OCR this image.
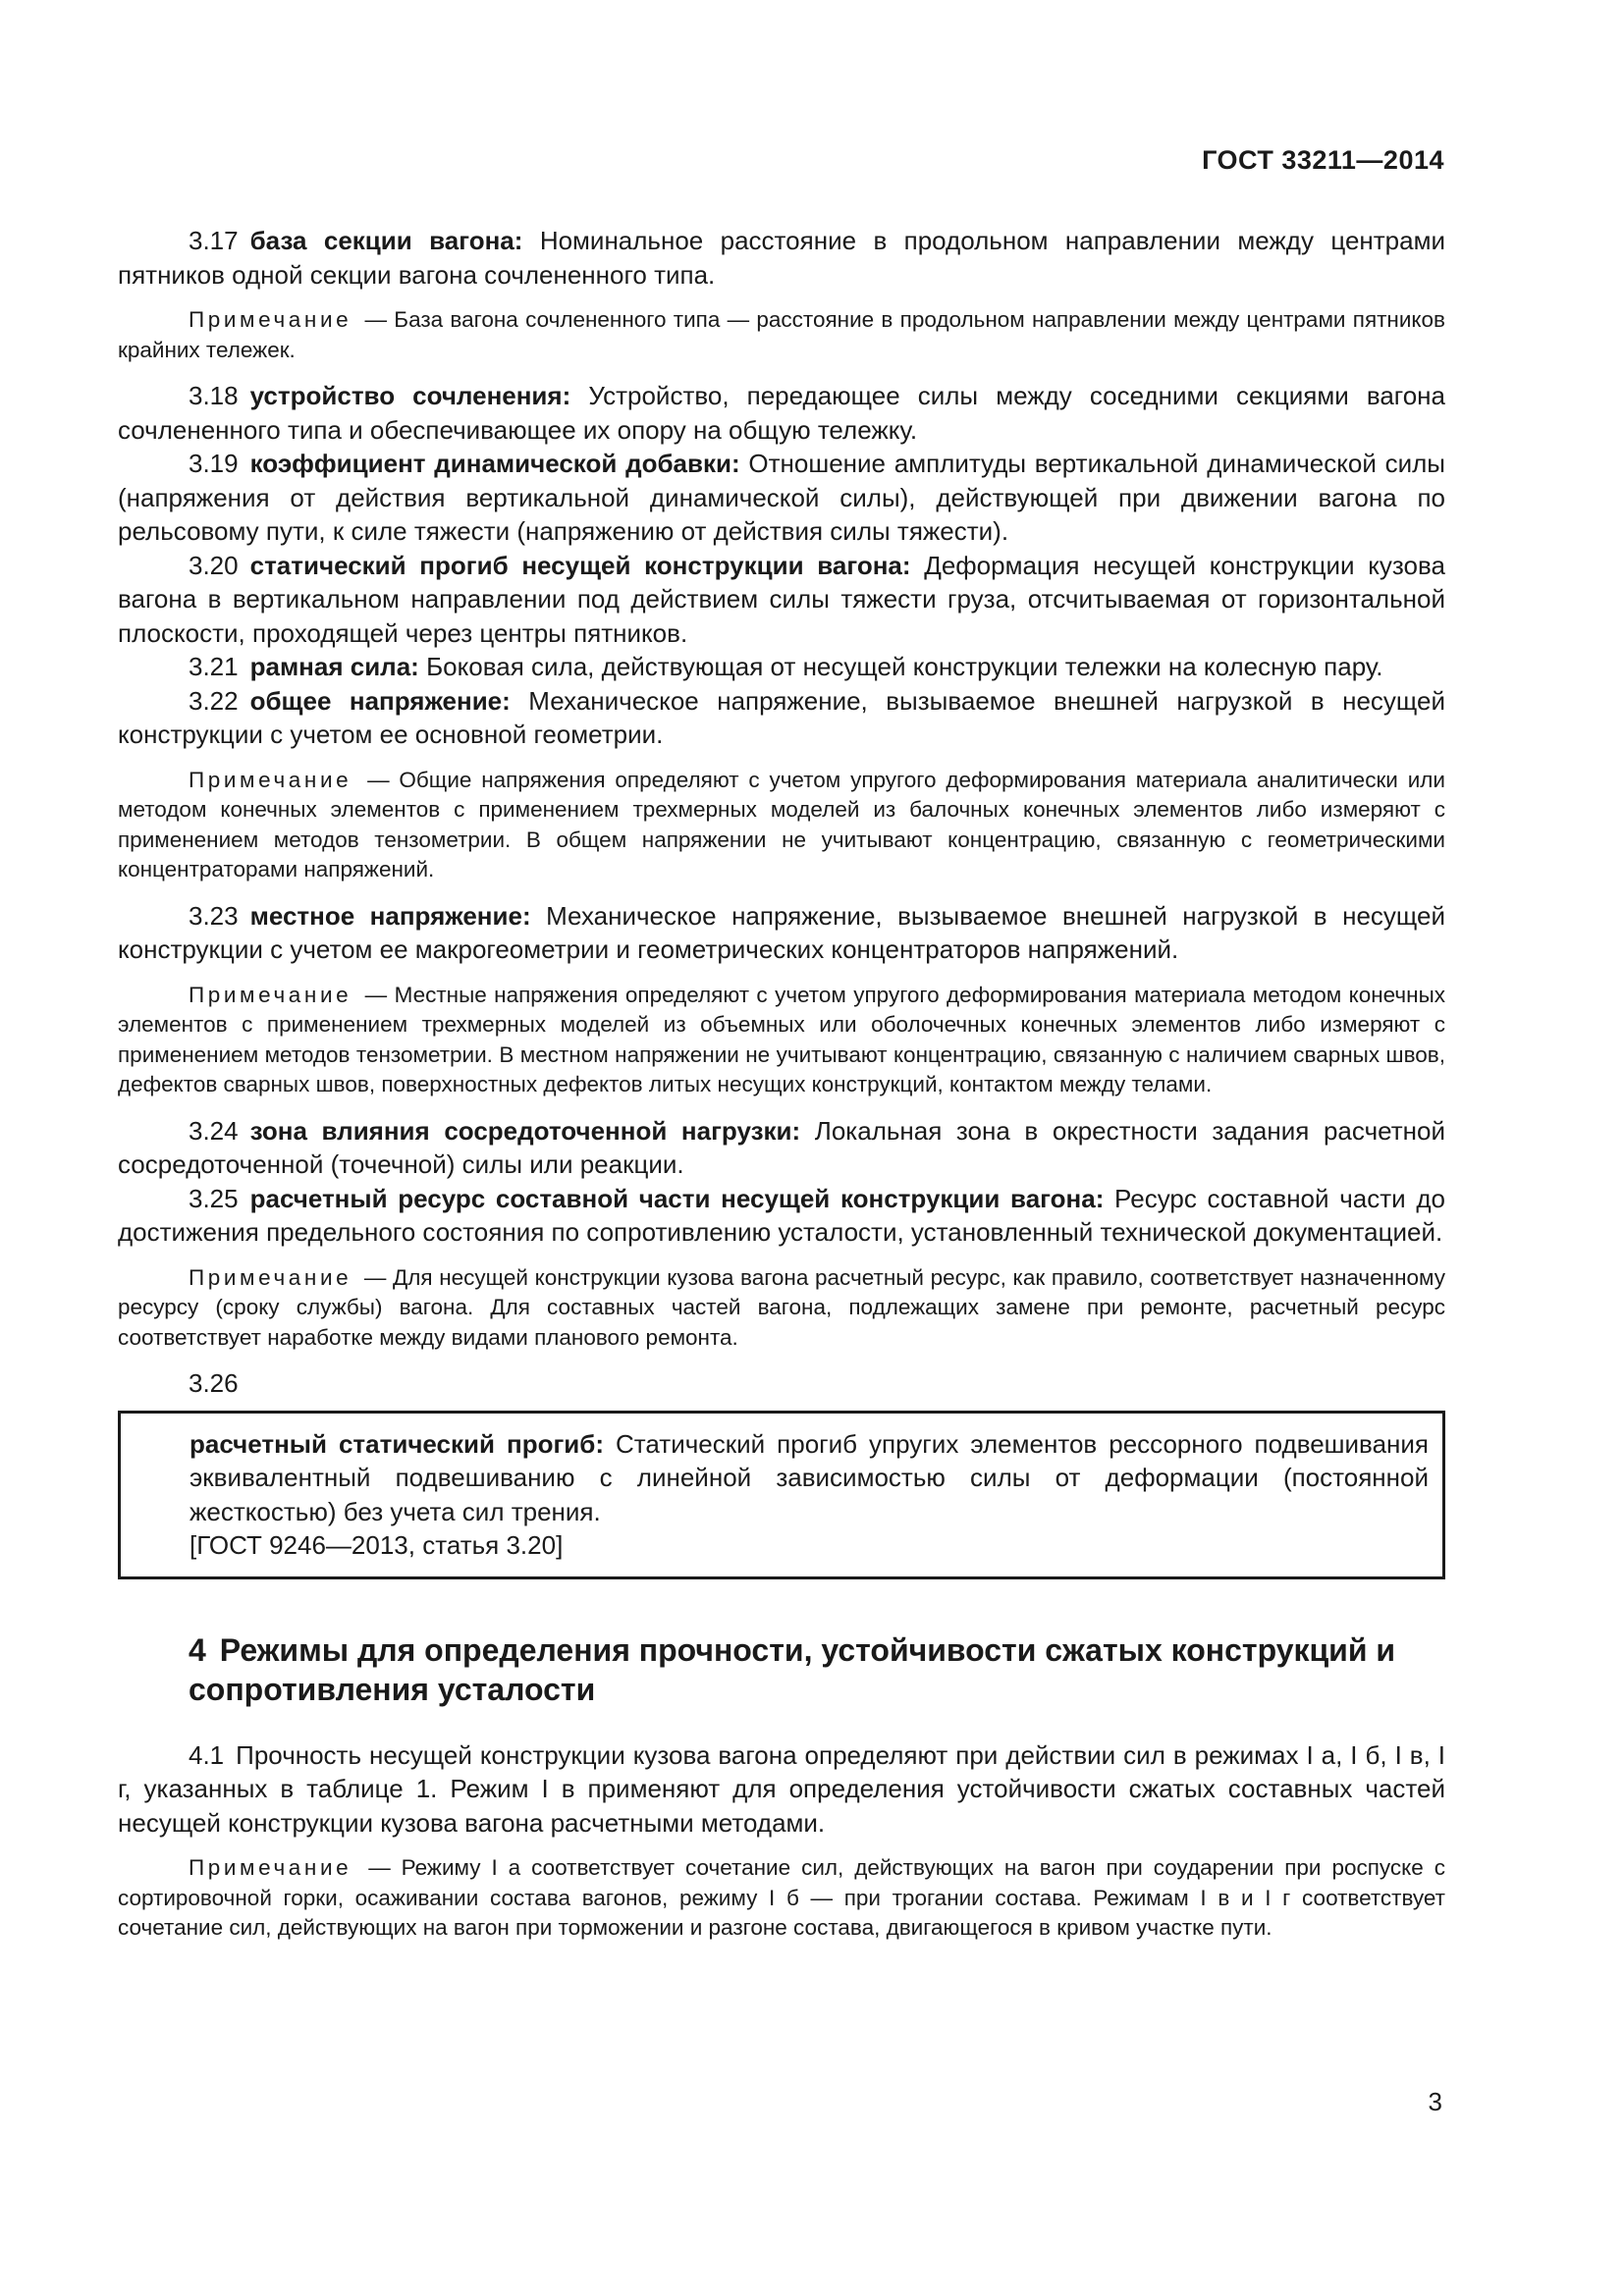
ГОСТ 33211—2014

3.17 база секции вагона: Номинальное расстояние в продольном направлении между центрами пятников одной секции вагона сочлененного типа.

Примечание — База вагона сочлененного типа — расстояние в продольном направлении между центрами пятников крайних тележек.

3.18 устройство сочленения: Устройство, передающее силы между соседними секциями вагона сочлененного типа и обеспечивающее их опору на общую тележку.

3.19 коэффициент динамической добавки: Отношение амплитуды вертикальной динамической силы (напряжения от действия вертикальной динамической силы), действующей при движении вагона по рельсовому пути, к силе тяжести (напряжению от действия силы тяжести).

3.20 статический прогиб несущей конструкции вагона: Деформация несущей конструкции кузова вагона в вертикальном направлении под действием силы тяжести груза, отсчитываемая от горизонтальной плоскости, проходящей через центры пятников.

3.21 рамная сила: Боковая сила, действующая от несущей конструкции тележки на колесную пару.

3.22 общее напряжение: Механическое напряжение, вызываемое внешней нагрузкой в несущей конструкции с учетом ее основной геометрии.

Примечание — Общие напряжения определяют с учетом упругого деформирования материала аналитически или методом конечных элементов с применением трехмерных моделей из балочных конечных элементов либо измеряют с применением методов тензометрии. В общем напряжении не учитывают концентрацию, связанную с геометрическими концентраторами напряжений.

3.23 местное напряжение: Механическое напряжение, вызываемое внешней нагрузкой в несущей конструкции с учетом ее макрогеометрии и геометрических концентраторов напряжений.

Примечание — Местные напряжения определяют с учетом упругого деформирования материала методом конечных элементов с применением трехмерных моделей из объемных или оболочечных конечных элементов либо измеряют с применением методов тензометрии. В местном напряжении не учитывают концентрацию, связанную с наличием сварных швов, дефектов сварных швов, поверхностных дефектов литых несущих конструкций, контактом между телами.

3.24 зона влияния сосредоточенной нагрузки: Локальная зона в окрестности задания расчетной сосредоточенной (точечной) силы или реакции.

3.25 расчетный ресурс составной части несущей конструкции вагона: Ресурс составной части до достижения предельного состояния по сопротивлению усталости, установленный технической документацией.

Примечание — Для несущей конструкции кузова вагона расчетный ресурс, как правило, соответствует назначенному ресурсу (сроку службы) вагона. Для составных частей вагона, подлежащих замене при ремонте, расчетный ресурс соответствует наработке между видами планового ремонта.

3.26

расчетный статический прогиб: Статический прогиб упругих элементов рессорного подвешивания эквивалентный подвешиванию с линейной зависимостью силы от деформации (постоянной жесткостью) без учета сил трения.

[ГОСТ 9246—2013, статья 3.20]
4 Режимы для определения прочности, устойчивости сжатых конструкций и сопротивления усталости

4.1 Прочность несущей конструкции кузова вагона определяют при действии сил в режимах I а, I б, I в, I г, указанных в таблице 1. Режим I в применяют для определения устойчивости сжатых составных частей несущей конструкции кузова вагона расчетными методами.

Примечание — Режиму I а соответствует сочетание сил, действующих на вагон при соударении при роспуске с сортировочной горки, осаживании состава вагонов, режиму I б — при трогании состава. Режимам I в и I г соответствует сочетание сил, действующих на вагон при торможении и разгоне состава, двигающегося в кривом участке пути.

3
